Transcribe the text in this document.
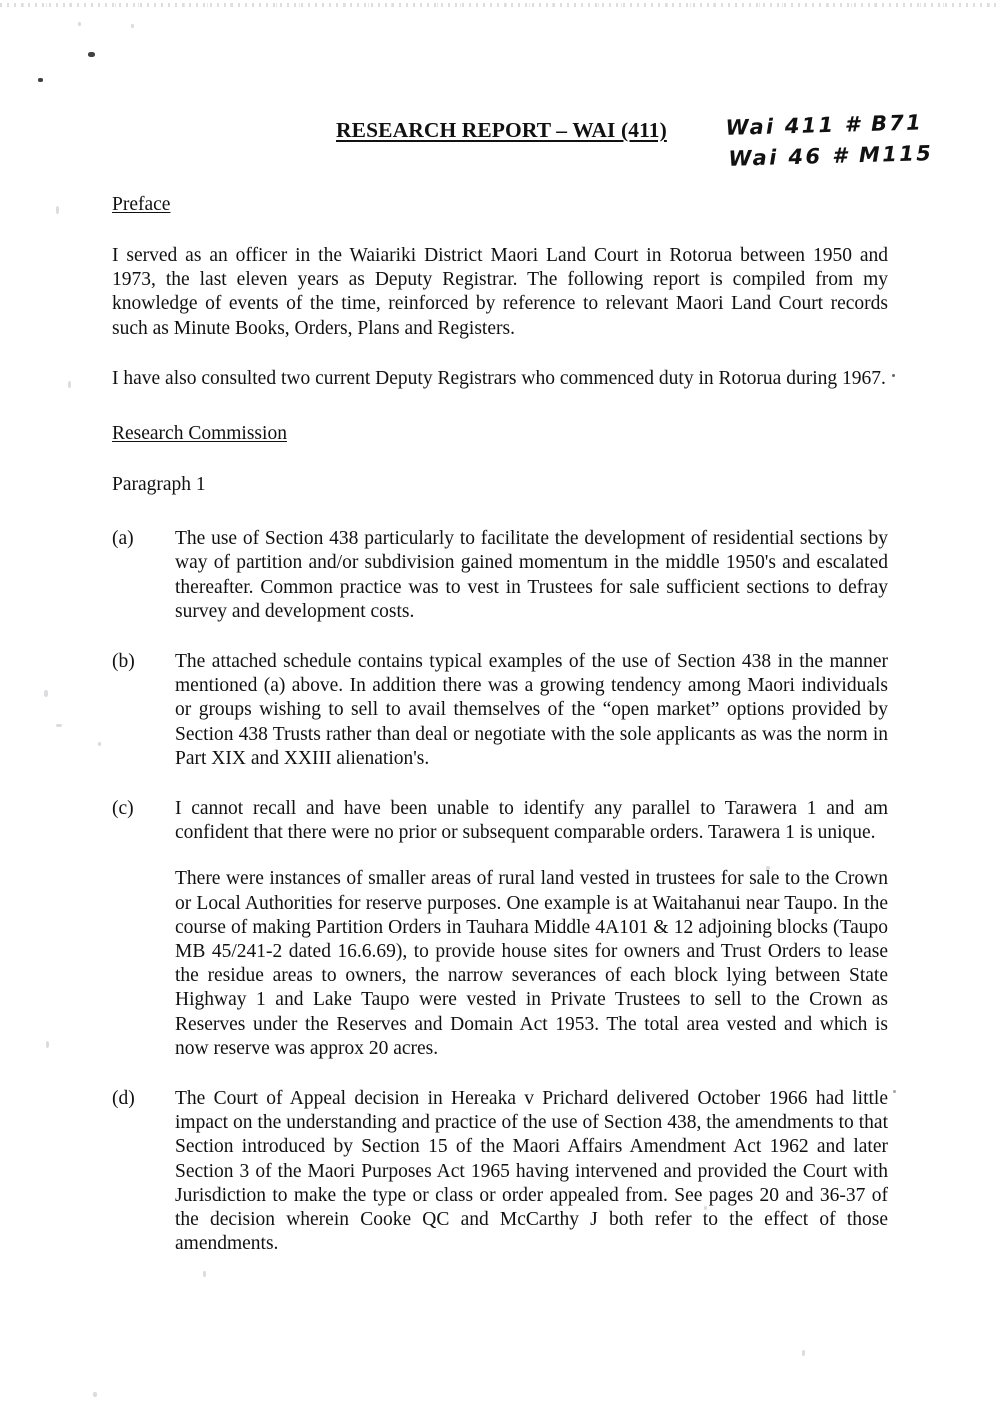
RESEARCH REPORT – WAI (411)	Wai 411 # B71
Wai 46 # M115
Preface
I served as an officer in the Waiariki District Maori Land Court in Rotorua between 1950 and 1973, the last eleven years as Deputy Registrar. The following report is compiled from my knowledge of events of the time, reinforced by reference to relevant Maori Land Court records such as Minute Books, Orders, Plans and Registers.
I have also consulted two current Deputy Registrars who commenced duty in Rotorua during 1967.
Research Commission
Paragraph 1
(a) The use of Section 438 particularly to facilitate the development of residential sections by way of partition and/or subdivision gained momentum in the middle 1950's and escalated thereafter. Common practice was to vest in Trustees for sale sufficient sections to defray survey and development costs.
(b) The attached schedule contains typical examples of the use of Section 438 in the manner mentioned (a) above. In addition there was a growing tendency among Maori individuals or groups wishing to sell to avail themselves of the “open market” options provided by Section 438 Trusts rather than deal or negotiate with the sole applicants as was the norm in Part XIX and XXIII alienation's.
(c) I cannot recall and have been unable to identify any parallel to Tarawera 1 and am confident that there were no prior or subsequent comparable orders. Tarawera 1 is unique.
There were instances of smaller areas of rural land vested in trustees for sale to the Crown or Local Authorities for reserve purposes. One example is at Waitahanui near Taupo. In the course of making Partition Orders in Tauhara Middle 4A101 & 12 adjoining blocks (Taupo MB 45/241-2 dated 16.6.69), to provide house sites for owners and Trust Orders to lease the residue areas to owners, the narrow severances of each block lying between State Highway 1 and Lake Taupo were vested in Private Trustees to sell to the Crown as Reserves under the Reserves and Domain Act 1953. The total area vested and which is now reserve was approx 20 acres.
(d) The Court of Appeal decision in Hereaka v Prichard delivered October 1966 had little impact on the understanding and practice of the use of Section 438, the amendments to that Section introduced by Section 15 of the Maori Affairs Amendment Act 1962 and later Section 3 of the Maori Purposes Act 1965 having intervened and provided the Court with Jurisdiction to make the type or class or order appealed from. See pages 20 and 36-37 of the decision wherein Cooke QC and McCarthy J both refer to the effect of those amendments.
